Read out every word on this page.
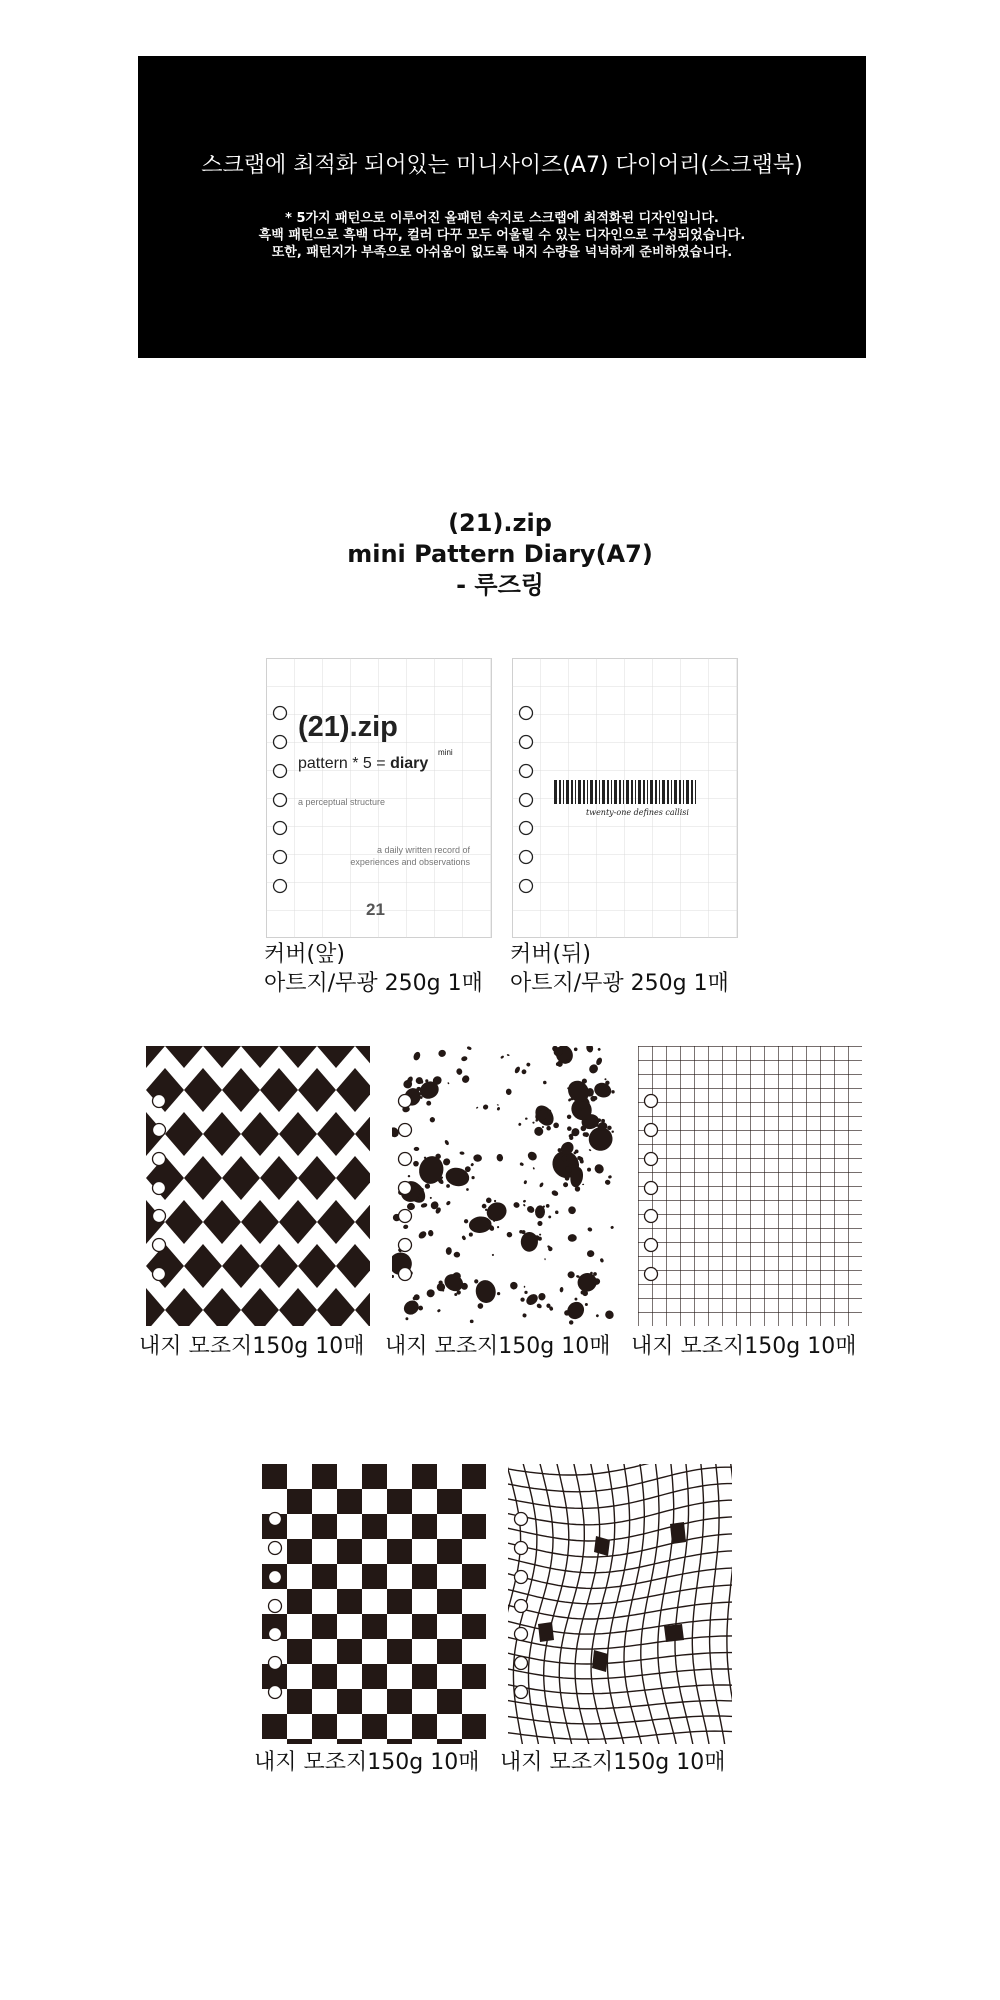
스크랩에 최적화 되어있는 미니사이즈(A7) 다이어리(스크랩북)
* 5가지 패턴으로 이루어진 올패턴 속지로 스크랩에 최적화된 디자인입니다.
흑백 패턴으로 흑백 다꾸, 컬러 다꾸 모두 어울릴 수 있는 디자인으로 구성되었습니다.
또한, 패턴지가 부족으로 아쉬움이 없도록 내지 수량을 넉넉하게 준비하였습니다.
(21).zip
mini Pattern Diary(A7)
- 루즈링
(21).zip
pattern * 5 = diary
mini
a perceptual structure
a daily written record of
experiences and observations
21
twenty-one defines callisi
커버(앞)
아트지/무광 250g 1매
커버(뒤)
아트지/무광 250g 1매
내지 모조지150g 10매 내지 모조지150g 10매 내지 모조지150g 10매
내지 모조지150g 10매 내지 모조지150g 10매
